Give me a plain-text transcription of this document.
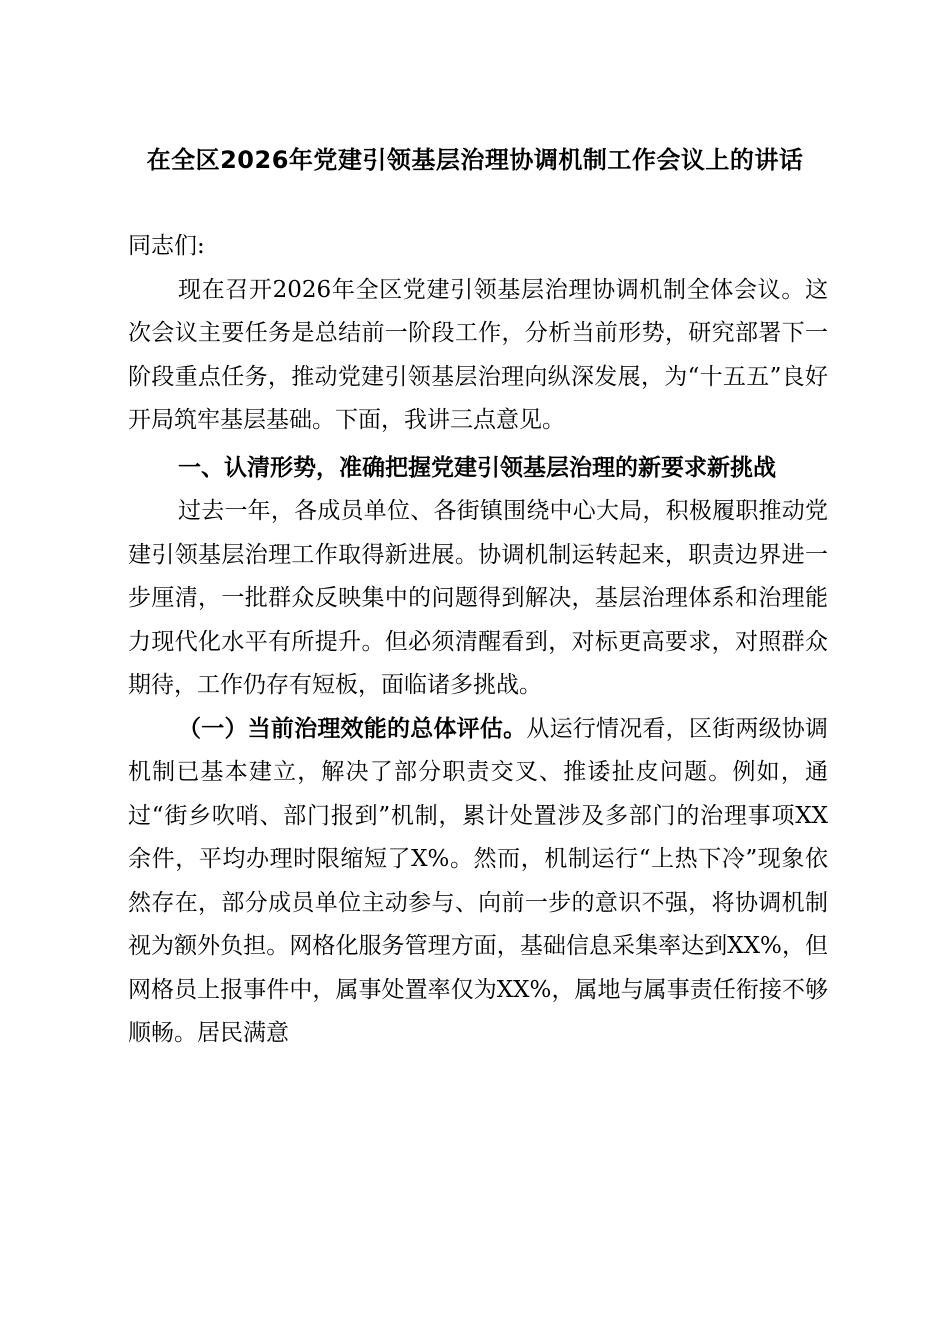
在全区2026年党建引领基层治理协调机制工作会议上的讲话

同志们:

现在召开2026年全区党建引领基层治理协调机制全体会议。这次会议主要任务是总结前一阶段工作，分析当前形势，研究部署下一阶段重点任务，推动党建引领基层治理向纵深发展，为“十五五”良好开局筑牢基层基础。下面，我讲三点意见。

一、认清形势，准确把握党建引领基层治理的新要求新挑战

过去一年，各成员单位、各街镇围绕中心大局，积极履职推动党建引领基层治理工作取得新进展。协调机制运转起来，职责边界进一步厘清，一批群众反映集中的问题得到解决，基层治理体系和治理能力现代化水平有所提升。但必须清醒看到，对标更高要求，对照群众期待，工作仍存有短板，面临诸多挑战。

（一）当前治理效能的总体评估。从运行情况看，区街两级协调机制已基本建立，解决了部分职责交叉、推诿扯皮问题。例如，通过“街乡吹哨、部门报到”机制，累计处置涉及多部门的治理事项XX余件，平均办理时限缩短了X%。然而，机制运行“上热下冷”现象依然存在，部分成员单位主动参与、向前一步的意识不强，将协调机制视为额外负担。网格化服务管理方面，基础信息采集率达到XX%，但网格员上报事件中，属事处置率仅为XX%，属地与属事责任衔接不够顺畅。居民满意
